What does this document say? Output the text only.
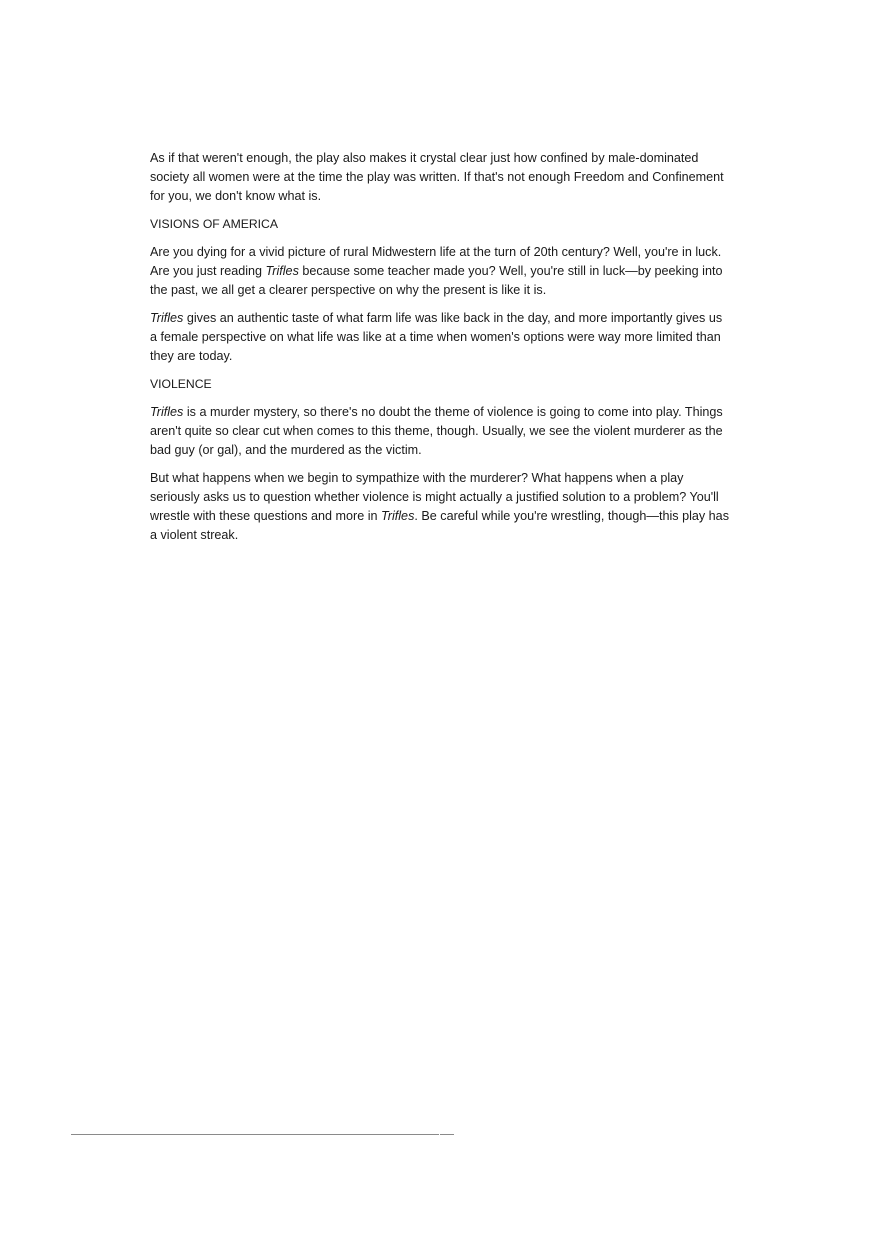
As if that weren't enough, the play also makes it crystal clear just how confined by male-dominated society all women were at the time the play was written. If that's not enough Freedom and Confinement for you, we don't know what is.

VISIONS OF AMERICA

Are you dying for a vivid picture of rural Midwestern life at the turn of 20th century? Well, you're in luck. Are you just reading Trifles because some teacher made you? Well, you're still in luck—by peeking into the past, we all get a clearer perspective on why the present is like it is.

Trifles gives an authentic taste of what farm life was like back in the day, and more importantly gives us a female perspective on what life was like at a time when women's options were way more limited than they are today.

VIOLENCE

Trifles is a murder mystery, so there's no doubt the theme of violence is going to come into play. Things aren't quite so clear cut when comes to this theme, though. Usually, we see the violent murderer as the bad guy (or gal), and the murdered as the victim.

But what happens when we begin to sympathize with the murderer? What happens when a play seriously asks us to question whether violence is might actually a justified solution to a problem? You'll wrestle with these questions and more in Trifles. Be careful while you're wrestling, though—this play has a violent streak.
